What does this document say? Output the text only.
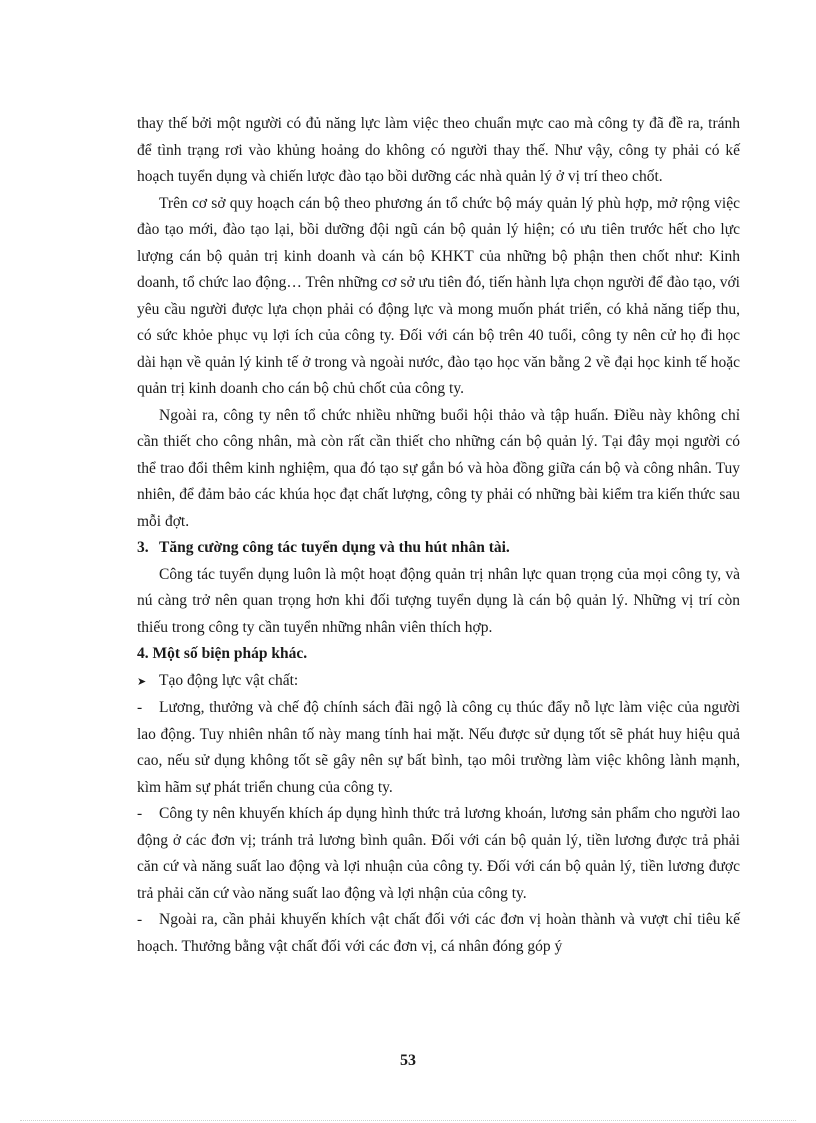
thay thế bởi một người có đủ năng lực làm việc theo chuẩn mực cao mà công ty đã đề ra, tránh để tình trạng rơi vào khủng hoảng do không có người thay thế. Như vậy, công ty phải có kế hoạch tuyển dụng và chiến lược đào tạo bồi dưỡng các nhà quản lý ở vị trí theo chốt.

Trên cơ sở quy hoạch cán bộ theo phương án tổ chức bộ máy quản lý phù hợp, mở rộng việc đào tạo mới, đào tạo lại, bồi dưỡng đội ngũ cán bộ quản lý hiện; có ưu tiên trước hết cho lực lượng cán bộ quản trị kinh doanh và cán bộ KHKT của những bộ phận then chốt như: Kinh doanh, tổ chức lao động… Trên những cơ sở ưu tiên đó, tiến hành lựa chọn người để đào tạo, với yêu cầu người được lựa chọn phải có động lực và mong muốn phát triển, có khả năng tiếp thu, có sức khỏe phục vụ lợi ích của công ty. Đối với cán bộ trên 40 tuổi, công ty nên cử họ đi học dài hạn về quản lý kinh tế ở trong và ngoài nước, đào tạo học văn bằng 2 về đại học kinh tế hoặc quản trị kinh doanh cho cán bộ chủ chốt của công ty.

Ngoài ra, công ty nên tổ chức nhiều những buổi hội thảo và tập huấn. Điều này không chỉ cần thiết cho công nhân, mà còn rất cần thiết cho những cán bộ quản lý. Tại đây mọi người có thể trao đổi thêm kinh nghiệm, qua đó tạo sự gắn bó và hòa đồng giữa cán bộ và công nhân. Tuy nhiên, để đảm bảo các khúa học đạt chất lượng, công ty phải có những bài kiểm tra kiến thức sau mỗi đợt.

3. Tăng cường công tác tuyển dụng và thu hút nhân tài.

Công tác tuyển dụng luôn là một hoạt động quản trị nhân lực quan trọng của mọi công ty, và nú càng trở nên quan trọng hơn khi đối tượng tuyển dụng là cán bộ quản lý. Những vị trí còn thiếu trong công ty cần tuyển những nhân viên thích hợp.

4. Một số biện pháp khác.

➤ Tạo động lực vật chất:

- Lương, thưởng và chế độ chính sách đãi ngộ là công cụ thúc đẩy nỗ lực làm việc của người lao động. Tuy nhiên nhân tố này mang tính hai mặt. Nếu được sử dụng tốt sẽ phát huy hiệu quả cao, nếu sử dụng không tốt sẽ gây nên sự bất bình, tạo môi trường làm việc không lành mạnh, kìm hãm sự phát triển chung của công ty.

- Công ty nên khuyến khích áp dụng hình thức trả lương khoán, lương sản phẩm cho người lao động ở các đơn vị; tránh trả lương bình quân. Đối với cán bộ quản lý, tiền lương được trả phải căn cứ và năng suất lao động và lợi nhuận của công ty. Đối với cán bộ quản lý, tiền lương được trả phải căn cứ vào năng suất lao động và lợi nhận của công ty.

- Ngoài ra, cần phải khuyến khích vật chất đối với các đơn vị hoàn thành và vượt chỉ tiêu kế hoạch. Thưởng bằng vật chất đối với các đơn vị, cá nhân đóng góp ý

53
